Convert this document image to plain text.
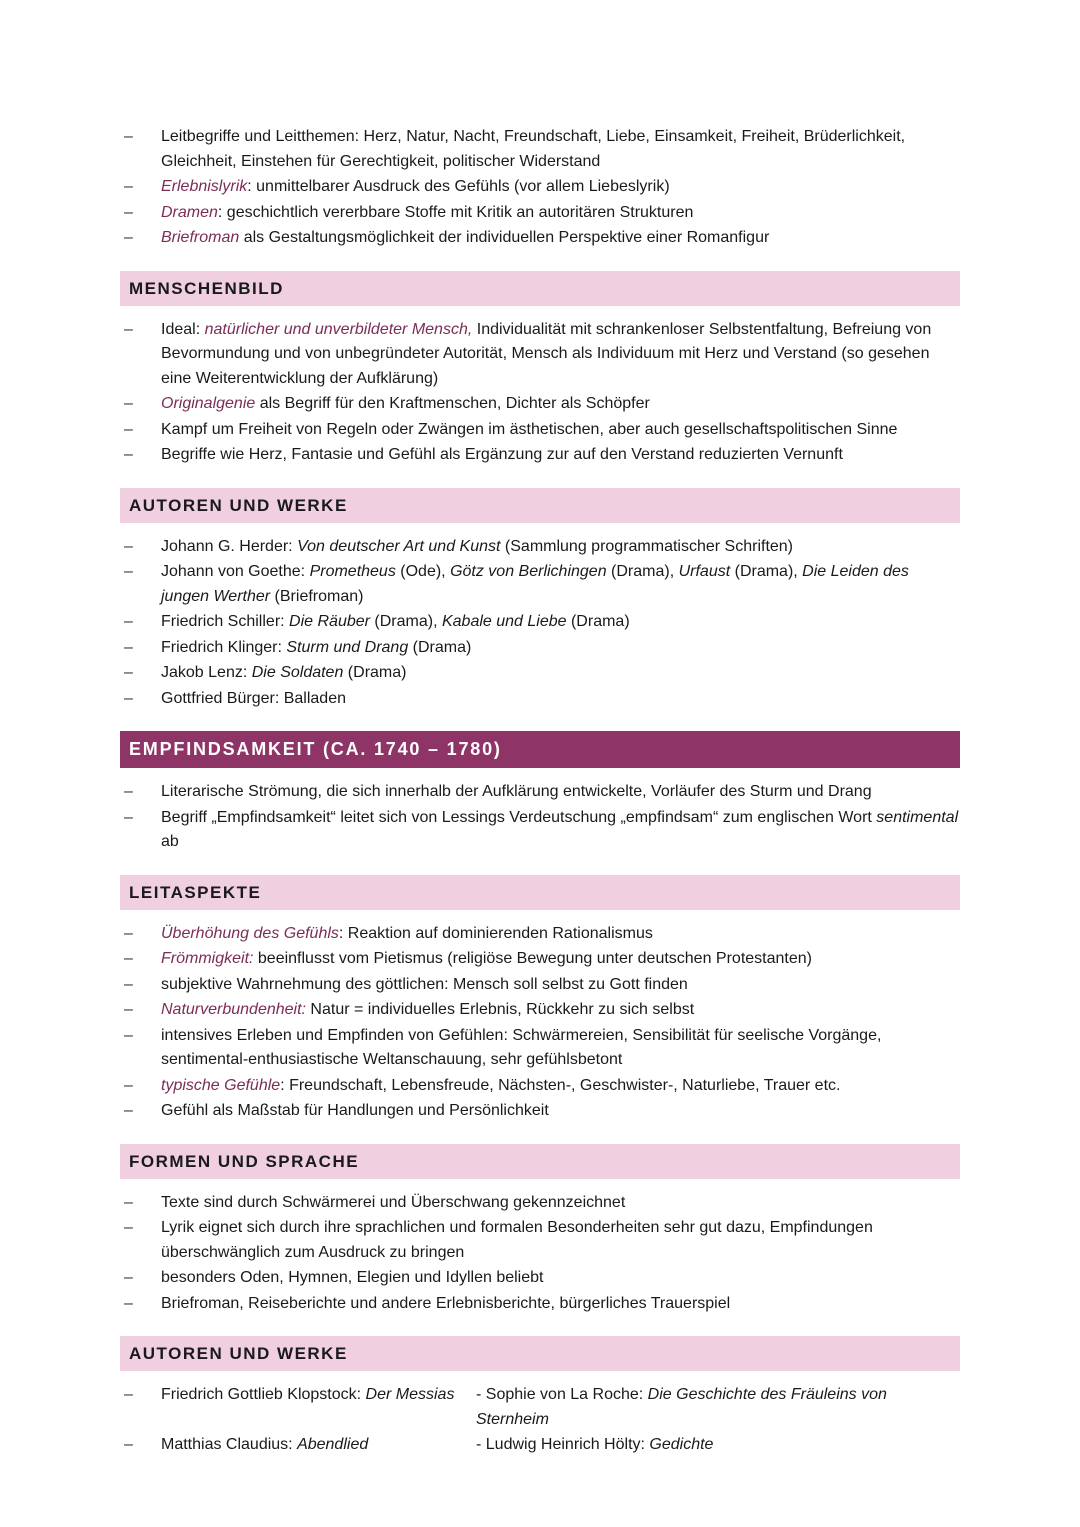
– Leitbegriffe und Leitthemen: Herz, Natur, Nacht, Freundschaft, Liebe, Einsamkeit, Freiheit, Brüderlichkeit, Gleichheit, Einstehen für Gerechtigkeit, politischer Widerstand
– Erlebnislyrik: unmittelbarer Ausdruck des Gefühls (vor allem Liebeslyrik)
– Dramen: geschichtlich vererbbare Stoffe mit Kritik an autoritären Strukturen
– Briefroman als Gestaltungsmöglichkeit der individuellen Perspektive einer Romanfigur
MENSCHENBILD
– Ideal: natürlicher und unverbildeter Mensch, Individualität mit schrankenloser Selbstentfaltung, Befreiung von Bevormundung und von unbegründeter Autorität, Mensch als Individuum mit Herz und Verstand (so gesehen eine Weiterentwicklung der Aufklärung)
– Originalgenie als Begriff für den Kraftmenschen, Dichter als Schöpfer
– Kampf um Freiheit von Regeln oder Zwängen im ästhetischen, aber auch gesellschaftspolitischen Sinne
– Begriffe wie Herz, Fantasie und Gefühl als Ergänzung zur auf den Verstand reduzierten Vernunft
AUTOREN UND WERKE
– Johann G. Herder: Von deutscher Art und Kunst (Sammlung programmatischer Schriften)
– Johann von Goethe: Prometheus (Ode), Götz von Berlichingen (Drama), Urfaust (Drama), Die Leiden des jungen Werther (Briefroman)
– Friedrich Schiller: Die Räuber (Drama), Kabale und Liebe (Drama)
– Friedrich Klinger: Sturm und Drang (Drama)
– Jakob Lenz: Die Soldaten (Drama)
– Gottfried Bürger: Balladen
EMPFINDSAMKEIT (CA. 1740 – 1780)
– Literarische Strömung, die sich innerhalb der Aufklärung entwickelte, Vorläufer des Sturm und Drang
– Begriff „Empfindsamkeit“ leitet sich von Lessings Verdeutschung „empfindsam“ zum englischen Wort sentimental ab
LEITASPEKTE
– Überhöhung des Gefühls: Reaktion auf dominierenden Rationalismus
– Frömmigkeit: beeinflusst vom Pietismus (religiöse Bewegung unter deutschen Protestanten)
– subjektive Wahrnehmung des göttlichen: Mensch soll selbst zu Gott finden
– Naturverbundenheit: Natur = individuelles Erlebnis, Rückkehr zu sich selbst
– intensives Erleben und Empfinden von Gefühlen: Schwärmereien, Sensibilität für seelische Vorgänge, sentimental-enthusiastische Weltanschauung, sehr gefühlsbetont
– typische Gefühle: Freundschaft, Lebensfreude, Nächsten-, Geschwister-, Naturliebe, Trauer etc.
– Gefühl als Maßstab für Handlungen und Persönlichkeit
FORMEN UND SPRACHE
– Texte sind durch Schwärmerei und Überschwang gekennzeichnet
– Lyrik eignet sich durch ihre sprachlichen und formalen Besonderheiten sehr gut dazu, Empfindungen überschwänglich zum Ausdruck zu bringen
– besonders Oden, Hymnen, Elegien und Idyllen beliebt
– Briefroman, Reiseberichte und andere Erlebnisberichte, bürgerliches Trauerspiel
AUTOREN UND WERKE
– Friedrich Gottlieb Klopstock: Der Messias	- Sophie von La Roche: Die Geschichte des Fräuleins von Sternheim
– Matthias Claudius: Abendlied	- Ludwig Heinrich Hölty: Gedichte
